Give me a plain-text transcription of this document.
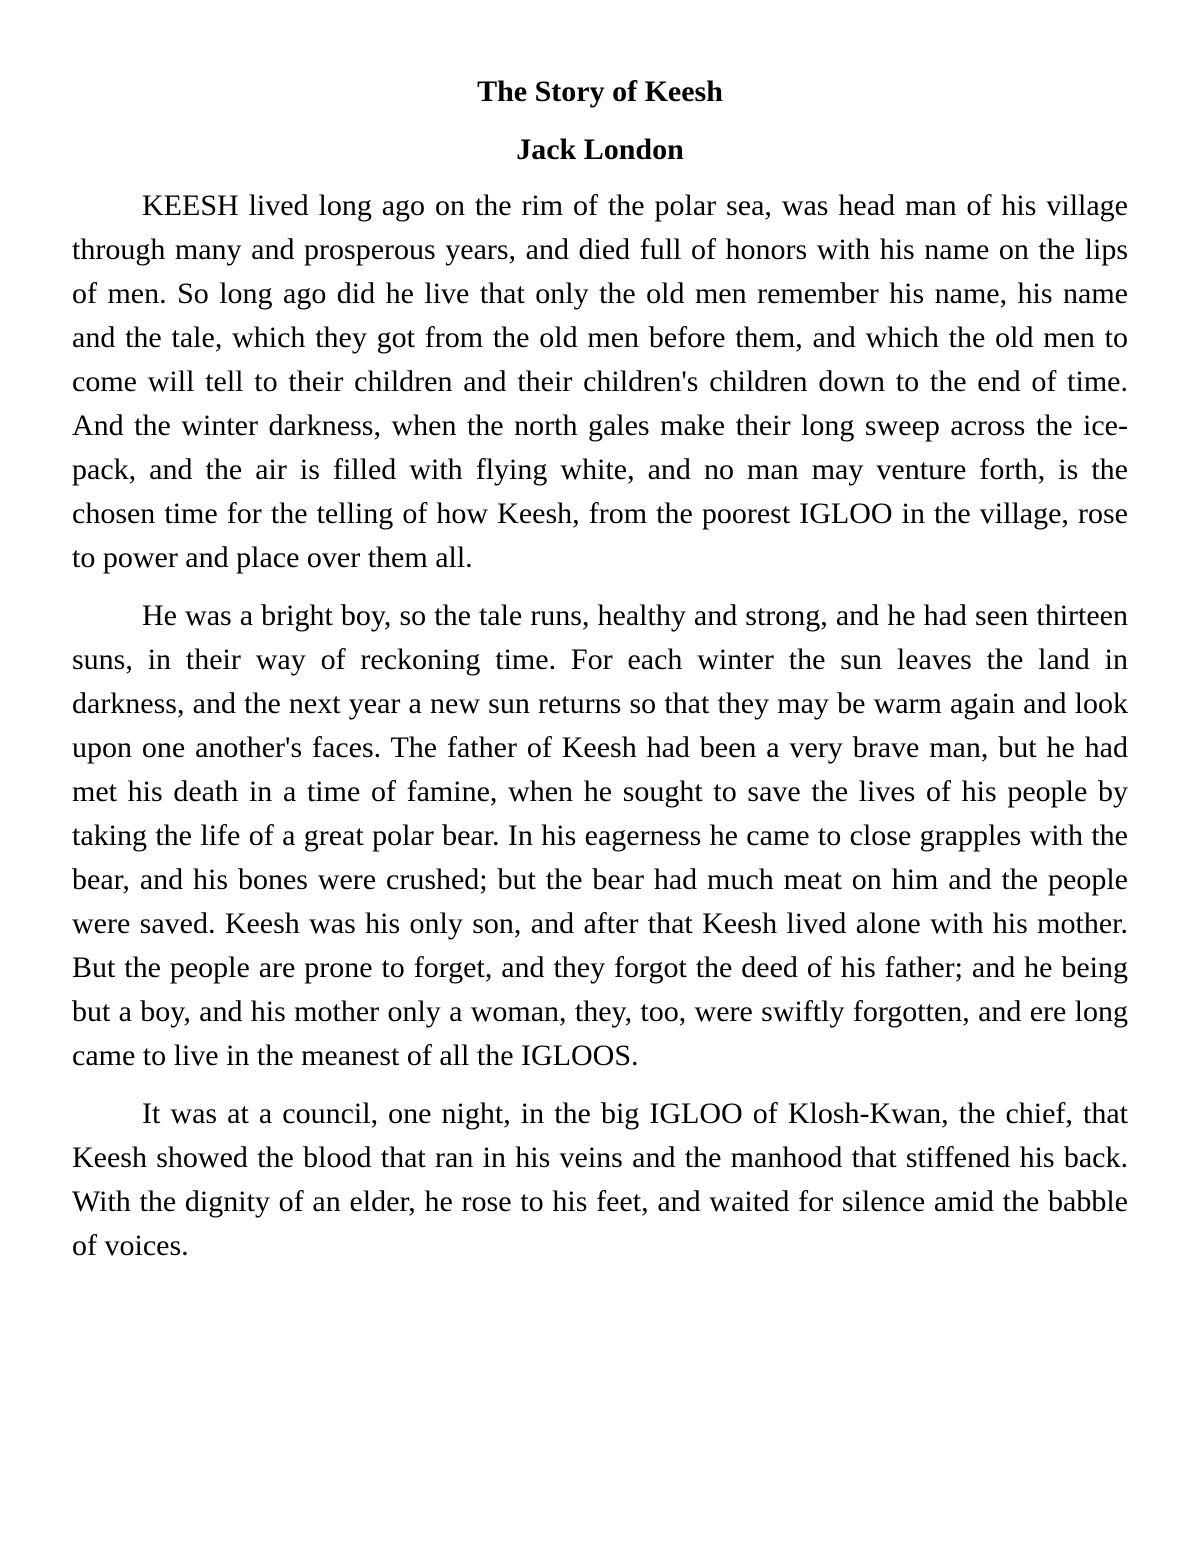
The Story of Keesh
Jack London

KEESH lived long ago on the rim of the polar sea, was head man of his village through many and prosperous years, and died full of honors with his name on the lips of men. So long ago did he live that only the old men remember his name, his name and the tale, which they got from the old men before them, and which the old men to come will tell to their children and their children's children down to the end of time. And the winter darkness, when the north gales make their long sweep across the ice-pack, and the air is filled with flying white, and no man may venture forth, is the chosen time for the telling of how Keesh, from the poorest IGLOO in the village, rose to power and place over them all.

He was a bright boy, so the tale runs, healthy and strong, and he had seen thirteen suns, in their way of reckoning time. For each winter the sun leaves the land in darkness, and the next year a new sun returns so that they may be warm again and look upon one another's faces. The father of Keesh had been a very brave man, but he had met his death in a time of famine, when he sought to save the lives of his people by taking the life of a great polar bear. In his eagerness he came to close grapples with the bear, and his bones were crushed; but the bear had much meat on him and the people were saved. Keesh was his only son, and after that Keesh lived alone with his mother. But the people are prone to forget, and they forgot the deed of his father; and he being but a boy, and his mother only a woman, they, too, were swiftly forgotten, and ere long came to live in the meanest of all the IGLOOS.

It was at a council, one night, in the big IGLOO of Klosh-Kwan, the chief, that Keesh showed the blood that ran in his veins and the manhood that stiffened his back. With the dignity of an elder, he rose to his feet, and waited for silence amid the babble of voices.
